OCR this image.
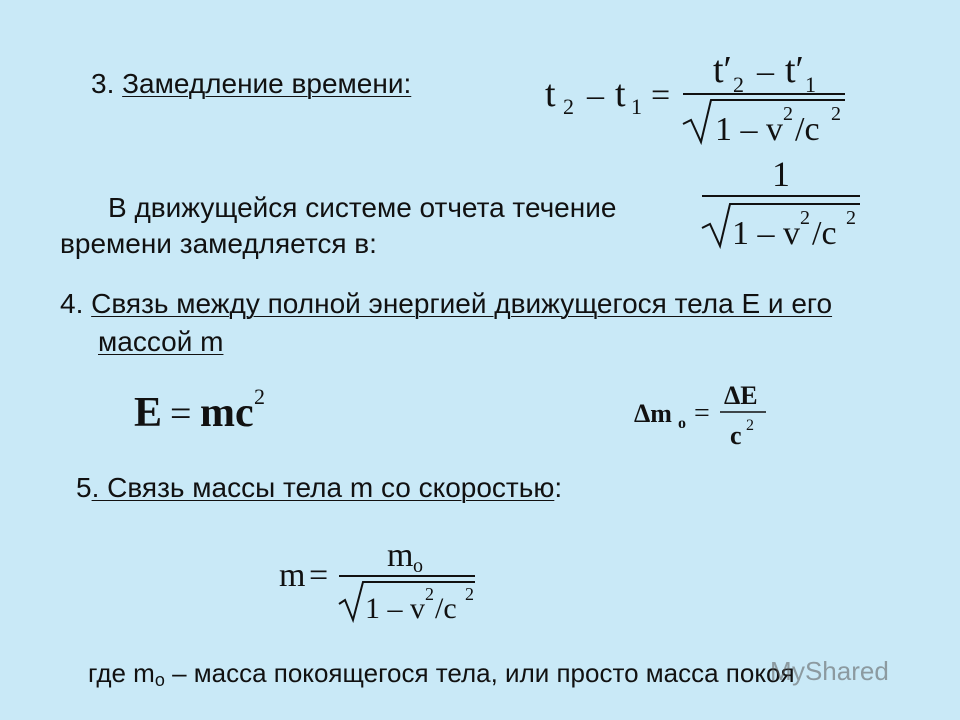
3. Замедление времени:	t 2 – t 1 =
t′ 2 – t′ 1
1 – v 2 /c 2
В движущейся системе отчета течение
времени замедляется в:
1
1 – v 2 /c 2
4. Связь между полной энергией движущегося тела E и его
массой m
E = mc 2
Δm o =
ΔE
c 2
5. Связь массы тела m со скоростью:
m =
m o
1 – v 2 /c 2
где mo – масса покоящегося тела, или просто масса покоя
МуShared
